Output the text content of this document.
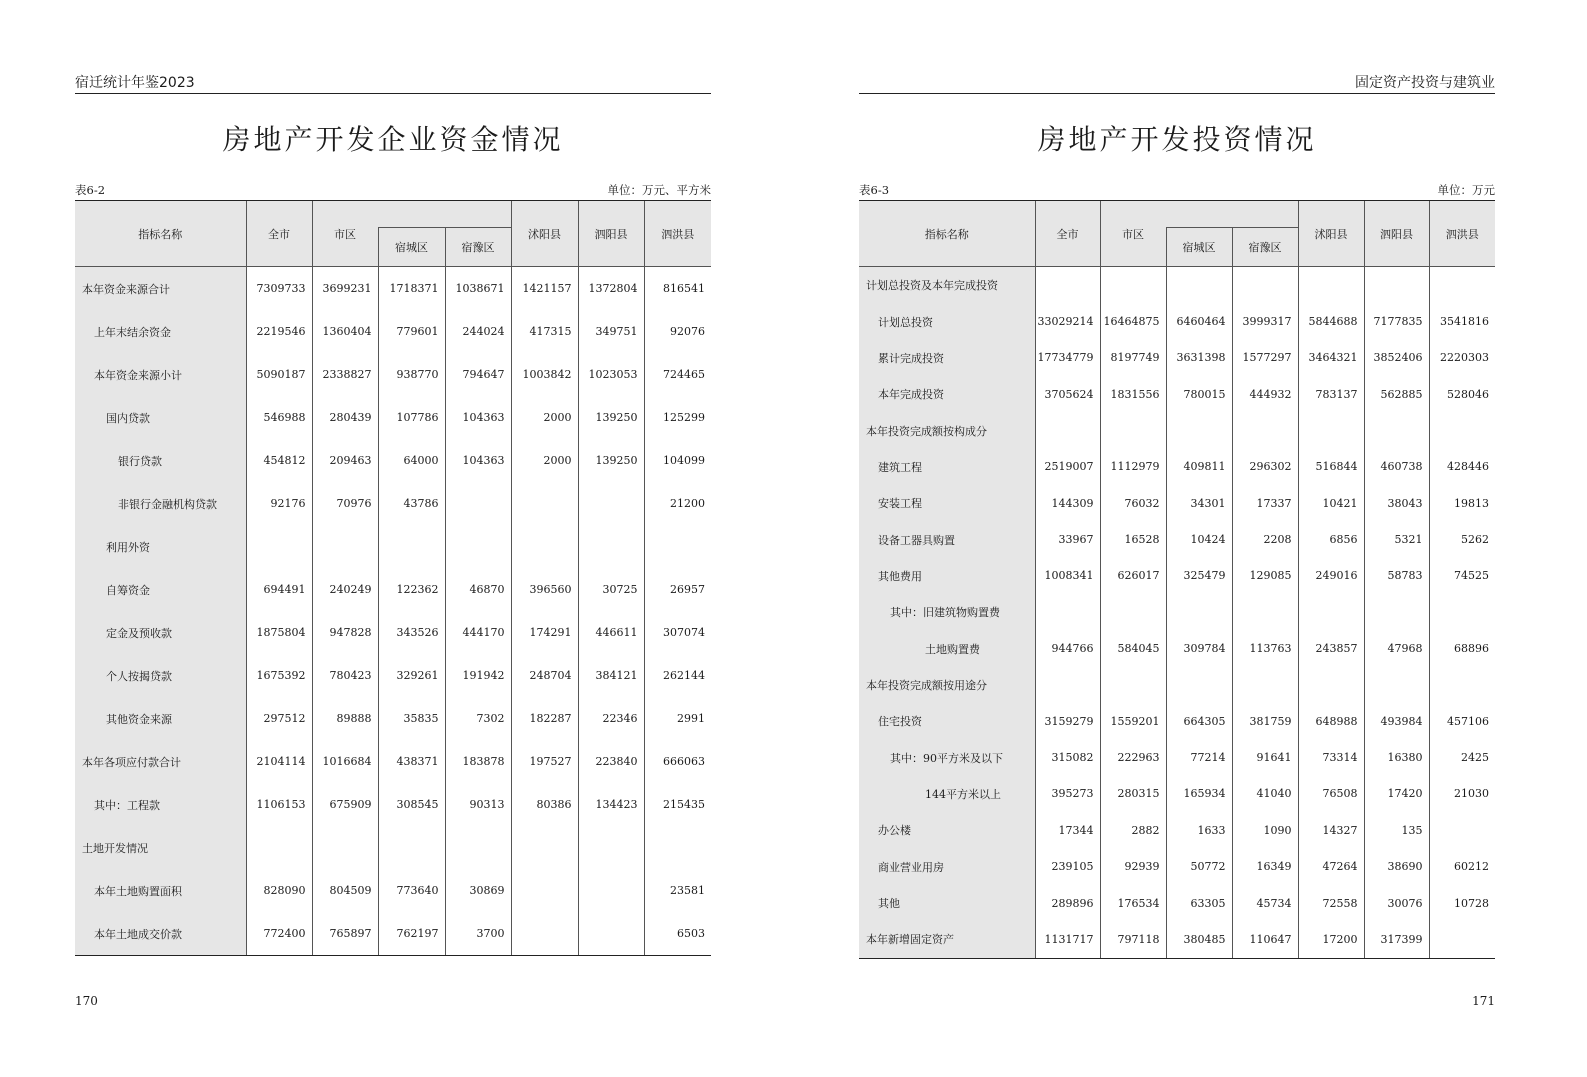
宿迁统计年鉴2023
房地产开发企业资金情况
表6-2	单位：万元、平方米
指标名称	全市	市区			沭阳县	泗阳县	泗洪县
			宿城区	宿豫区			
本年资金来源合计	7309733	3699231	1718371	1038671	1421157	1372804	816541
上年末结余资金	2219546	1360404	779601	244024	417315	349751	92076
本年资金来源小计	5090187	2338827	938770	794647	1003842	1023053	724465
国内贷款	546988	280439	107786	104363	2000	139250	125299
银行贷款	454812	209463	64000	104363	2000	139250	104099
非银行金融机构贷款	92176	70976	43786				21200
利用外资							
自筹资金	694491	240249	122362	46870	396560	30725	26957
定金及预收款	1875804	947828	343526	444170	174291	446611	307074
个人按揭贷款	1675392	780423	329261	191942	248704	384121	262144
其他资金来源	297512	89888	35835	7302	182287	22346	2991
本年各项应付款合计	2104114	1016684	438371	183878	197527	223840	666063
其中：工程款	1106153	675909	308545	90313	80386	134423	215435
土地开发情况							
本年土地购置面积	828090	804509	773640	30869			23581
本年土地成交价款	772400	765897	762197	3700			6503
170
固定资产投资与建筑业
房地产开发投资情况
表6-3	单位：万元
指标名称	全市	市区			沭阳县	泗阳县	泗洪县
			宿城区	宿豫区			
计划总投资及本年完成投资							
计划总投资	33029214	16464875	6460464	3999317	5844688	7177835	3541816
累计完成投资	17734779	8197749	3631398	1577297	3464321	3852406	2220303
本年完成投资	3705624	1831556	780015	444932	783137	562885	528046
本年投资完成额按构成分							
建筑工程	2519007	1112979	409811	296302	516844	460738	428446
安装工程	144309	76032	34301	17337	10421	38043	19813
设备工器具购置	33967	16528	10424	2208	6856	5321	5262
其他费用	1008341	626017	325479	129085	249016	58783	74525
其中：旧建筑物购置费							
土地购置费	944766	584045	309784	113763	243857	47968	68896
本年投资完成额按用途分							
住宅投资	3159279	1559201	664305	381759	648988	493984	457106
其中：90平方米及以下	315082	222963	77214	91641	73314	16380	2425
144平方米以上	395273	280315	165934	41040	76508	17420	21030
办公楼	17344	2882	1633	1090	14327	135	
商业营业用房	239105	92939	50772	16349	47264	38690	60212
其他	289896	176534	63305	45734	72558	30076	10728
本年新增固定资产	1131717	797118	380485	110647	17200	317399	
171
